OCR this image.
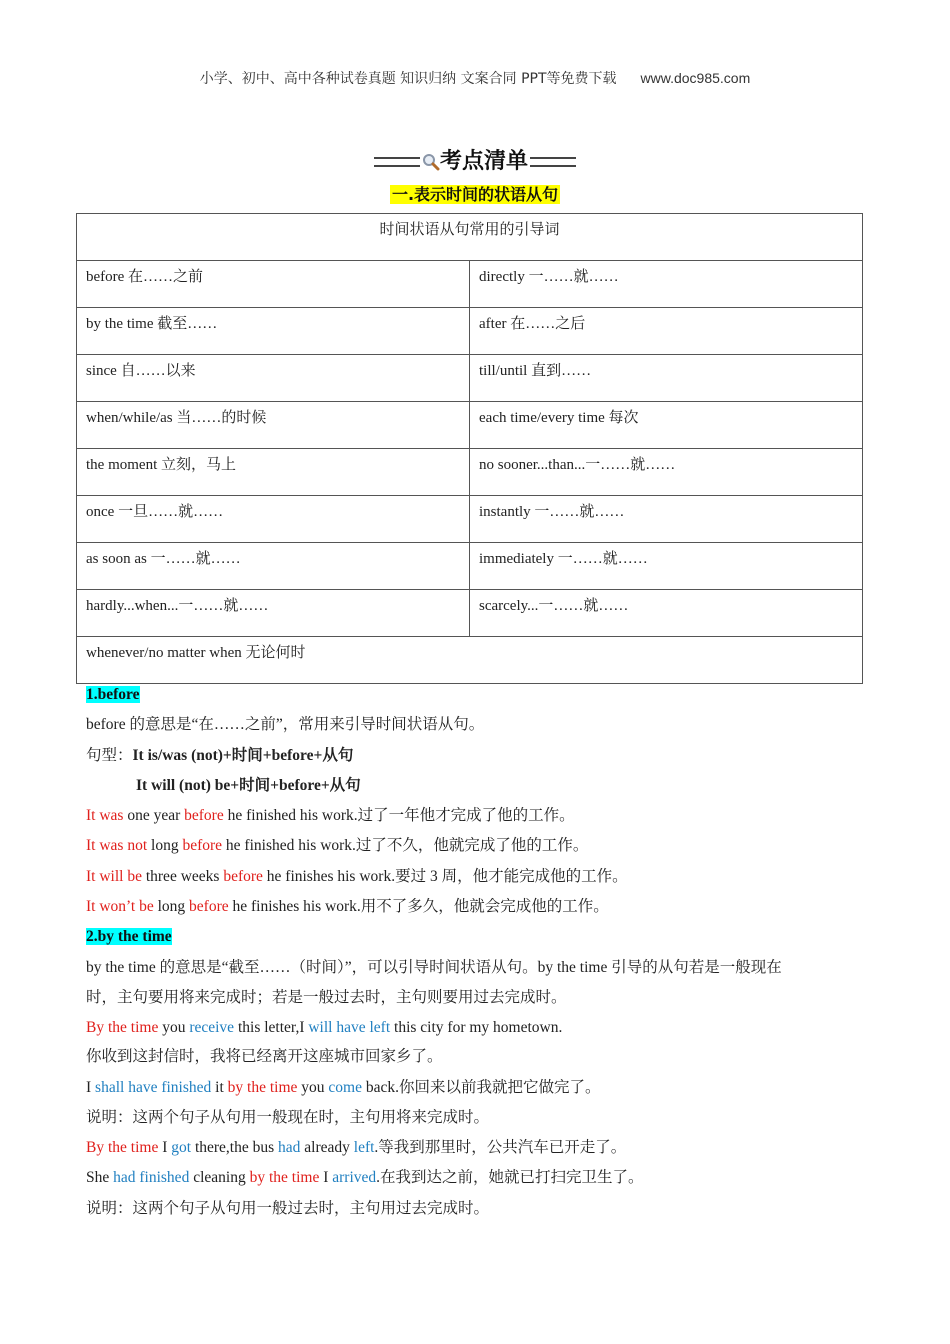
小学、初中、高中各种试卷真题 知识归纳 文案合同 PPT等免费下载 www.doc985.com
考点清单
一.表示时间的状语从句
时间状语从句常用的引导词	
before 在……之前	directly 一……就……
by the time 截至……	after 在……之后
since 自……以来	till/until 直到……
when/while/as 当……的时候	each time/every time 每次
the moment 立刻，马上	no sooner...than...一……就……
once 一旦……就……	instantly 一……就……
as soon as 一……就……	immediately 一……就……
hardly...when...一……就……	scarcely...一……就……
whenever/no matter when 无论何时	

1.before

before 的意思是“在……之前”，常用来引导时间状语从句。

句型：It is/was (not)+时间+before+从句

It will (not) be+时间+before+从句

It was one year before he finished his work.过了一年他才完成了他的工作。

It was not long before he finished his work.过了不久，他就完成了他的工作。

It will be three weeks before he finishes his work.要过 3 周，他才能完成他的工作。

It won’t be long before he finishes his work.用不了多久，他就会完成他的工作。

2.by the time

by the time 的意思是“截至……（时间）”，可以引导时间状语从句。by the time 引导的从句若是一般现在

时，主句要用将来完成时；若是一般过去时，主句则要用过去完成时。

By the time you receive this letter,I will have left this city for my hometown.

你收到这封信时，我将已经离开这座城市回家乡了。

I shall have finished it by the time you come back.你回来以前我就把它做完了。

说明：这两个句子从句用一般现在时，主句用将来完成时。

By the time I got there,the bus had already left.等我到那里时，公共汽车已开走了。

She had finished cleaning by the time I arrived.在我到达之前，她就已打扫完卫生了。

说明：这两个句子从句用一般过去时，主句用过去完成时。
